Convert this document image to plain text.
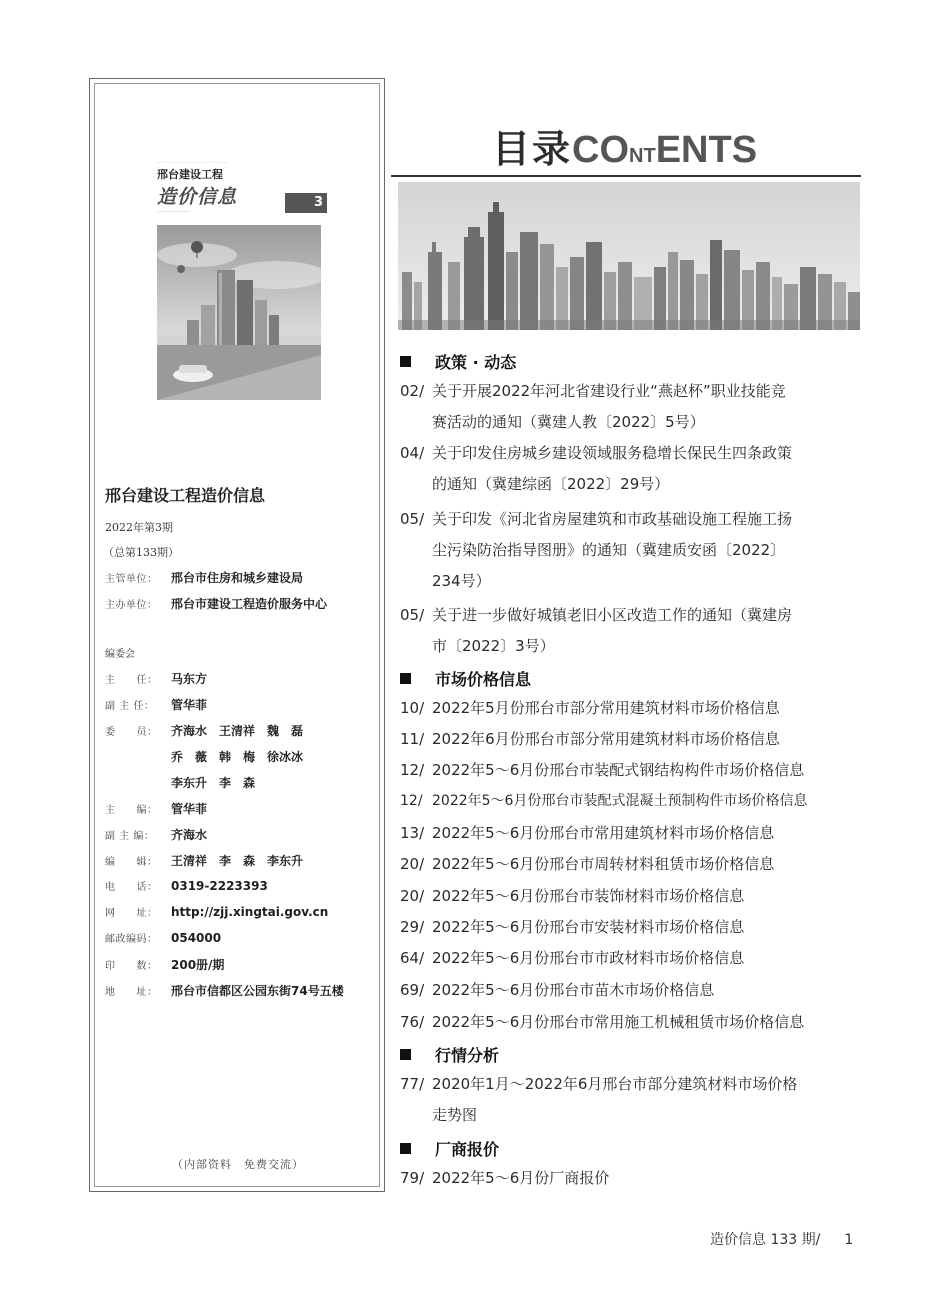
··································
邢台建设工程
造价信息	3
··························
邢台建设工程造价信息
2022年第3期
（总第133期）
主管单位： 邢台市住房和城乡建设局
主办单位： 邢台市建设工程造价服务中心
编委会
主　　任： 马东方
副 主 任： 管华菲
委　　员： 齐海水　王清祥　魏　磊
乔　薇　韩　梅　徐冰冰
李东升　李　森
主　　编： 管华菲
副 主 编： 齐海水
编　　辑： 王清祥　李　森　李东升
电　　话： 0319-2223393
网　　址： http://zjj.xingtai.gov.cn
邮政编码： 054000
印　　数： 200册/期
地　　址： 邢台市信都区公园东街74号五楼
（内部资料　免费交流）
目录CONTENTS
政策 · 动态
02/ 关于开展2022年河北省建设行业“燕赵杯”职业技能竞
赛活动的通知（冀建人教〔2022〕5号）
04/ 关于印发住房城乡建设领域服务稳增长保民生四条政策
的通知（冀建综函〔2022〕29号）
05/ 关于印发《河北省房屋建筑和市政基础设施工程施工扬
尘污染防治指导图册》的通知（冀建质安函〔2022〕
234号）
05/ 关于进一步做好城镇老旧小区改造工作的通知（冀建房
市〔2022〕3号）
市场价格信息
10/ 2022年5月份邢台市部分常用建筑材料市场价格信息
11/ 2022年6月份邢台市部分常用建筑材料市场价格信息
12/ 2022年5～6月份邢台市装配式钢结构构件市场价格信息
12/ 2022年5～6月份邢台市装配式混凝土预制构件市场价格信息
13/ 2022年5～6月份邢台市常用建筑材料市场价格信息
20/ 2022年5～6月份邢台市周转材料租赁市场价格信息
20/ 2022年5～6月份邢台市装饰材料市场价格信息
29/ 2022年5～6月份邢台市安装材料市场价格信息
64/ 2022年5～6月份邢台市市政材料市场价格信息
69/ 2022年5～6月份邢台市苗木市场价格信息
76/ 2022年5～6月份邢台市常用施工机械租赁市场价格信息
行情分析
77/ 2020年1月～2022年6月邢台市部分建筑材料市场价格
走势图
厂商报价
79/ 2022年5～6月份厂商报价
造价信息 133 期/ 1
